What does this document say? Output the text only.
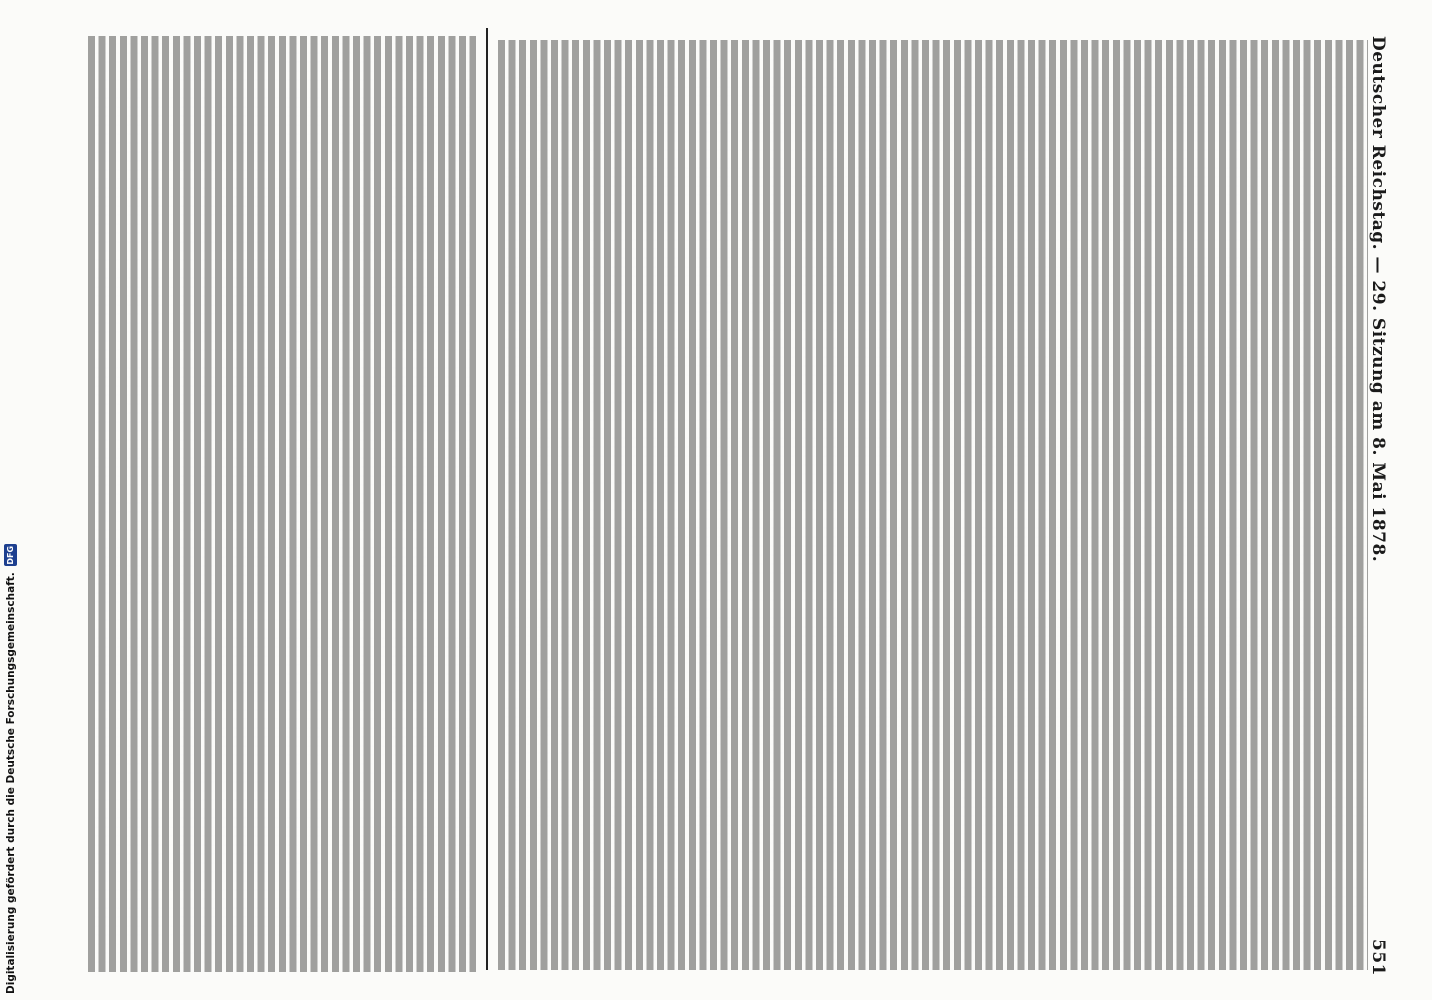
Deutscher Reichstag. — 29. Sitzung am 8. Mai 1878.
551
Digitalisierung gefördert durch die Deutsche Forschungsgemeinschaft.
DFG
